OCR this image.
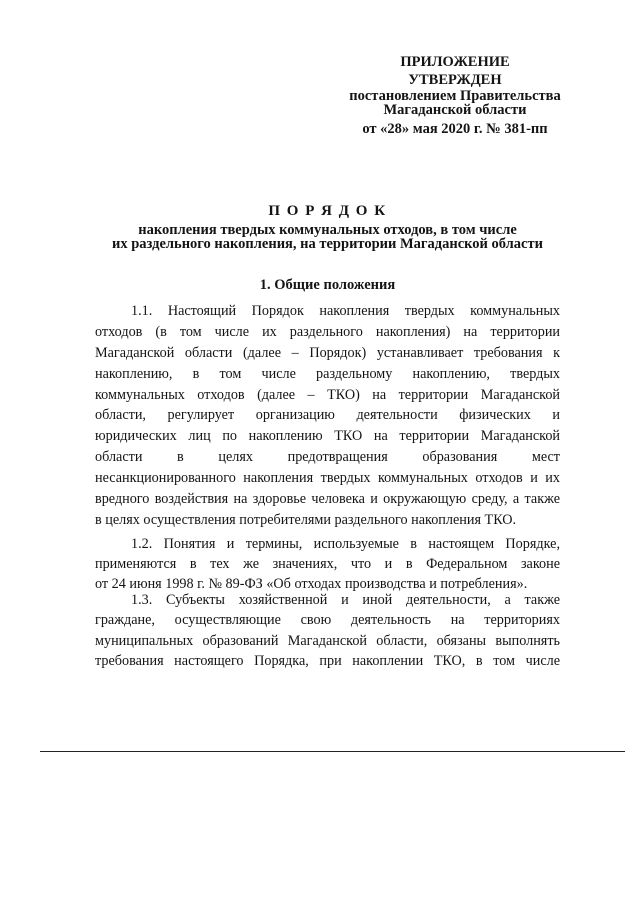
ПРИЛОЖЕНИЕ
УТВЕРЖДЕН
постановлением Правительства
Магаданской области
от «28» мая 2020 г. № 381-пп
П О Р Я Д О К
накопления твердых коммунальных отходов, в том числе
их раздельного накопления, на территории Магаданской области
1. Общие положения
1.1. Настоящий Порядок накопления твердых коммунальных
отходов (в том числе их раздельного накопления) на территории
Магаданской области (далее – Порядок) устанавливает требования к
накоплению, в том числе раздельному накоплению, твердых
коммунальных отходов (далее – ТКО) на территории Магаданской
области, регулирует организацию деятельности физических и
юридических лиц по накоплению ТКО на территории Магаданской
области в целях предотвращения образования мест
несанкционированного накопления твердых коммунальных отходов и их
вредного воздействия на здоровье человека и окружающую среду, а также
в целях осуществления потребителями раздельного накопления ТКО.
1.2. Понятия и термины, используемые в настоящем Порядке,
применяются в тех же значениях, что и в Федеральном законе
от 24 июня 1998 г. № 89-ФЗ «Об отходах производства и потребления».
1.3. Субъекты хозяйственной и иной деятельности, а также
граждане, осуществляющие свою деятельность на территориях
муниципальных образований Магаданской области, обязаны выполнять
требования настоящего Порядка, при накоплении ТКО, в том числе
